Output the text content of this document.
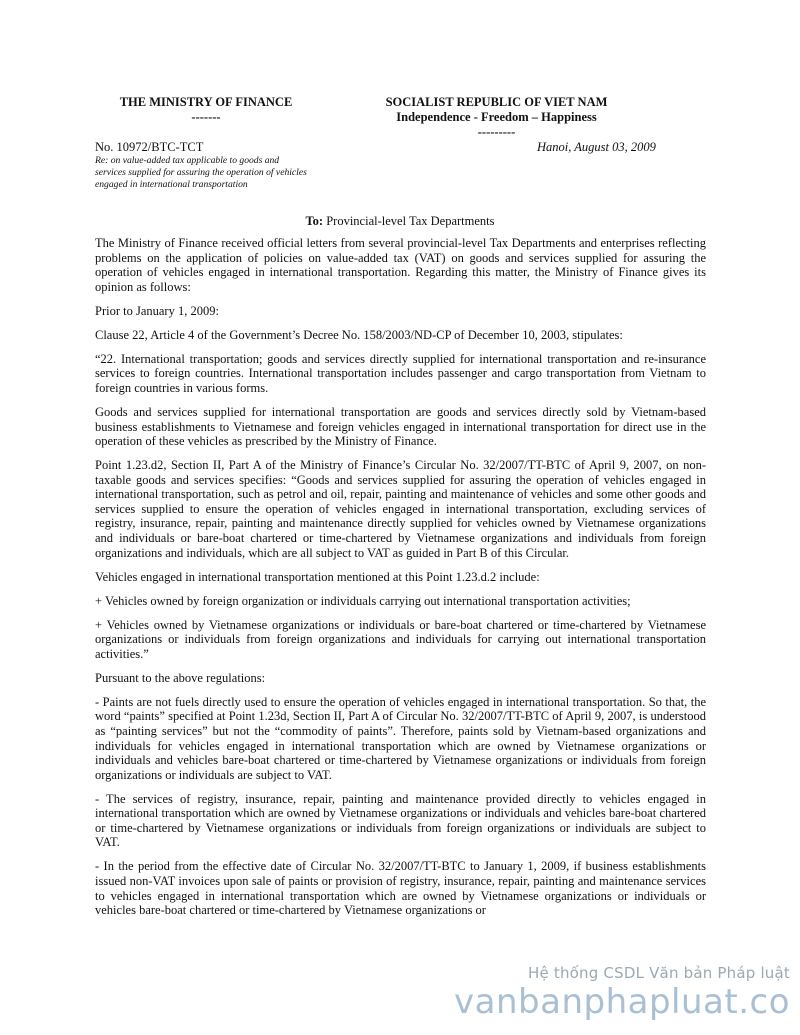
THE MINISTRY OF FINANCE
-------
SOCIALIST REPUBLIC OF VIET NAM
Independence - Freedom – Happiness
---------
No. 10972/BTC-TCT
Re: on value-added tax applicable to goods and services supplied for assuring the operation of vehicles engaged in international transportation
Hanoi, August 03, 2009
To: Provincial-level Tax Departments

The Ministry of Finance received official letters from several provincial-level Tax Departments and enterprises reflecting problems on the application of policies on value-added tax (VAT) on goods and services supplied for assuring the operation of vehicles engaged in international transportation. Regarding this matter, the Ministry of Finance gives its opinion as follows:

Prior to January 1, 2009:

Clause 22, Article 4 of the Government’s Decree No. 158/2003/ND-CP of December 10, 2003, stipulates:

“22. International transportation; goods and services directly supplied for international transportation and re-insurance services to foreign countries. International transportation includes passenger and cargo transportation from Vietnam to foreign countries in various forms.

Goods and services supplied for international transportation are goods and services directly sold by Vietnam-based business establishments to Vietnamese and foreign vehicles engaged in international transportation for direct use in the operation of these vehicles as prescribed by the Ministry of Finance.

Point 1.23.d2, Section II, Part A of the Ministry of Finance’s Circular No. 32/2007/TT-BTC of April 9, 2007, on non-taxable goods and services specifies: “Goods and services supplied for assuring the operation of vehicles engaged in international transportation, such as petrol and oil, repair, painting and maintenance of vehicles and some other goods and services supplied to ensure the operation of vehicles engaged in international transportation, excluding services of registry, insurance, repair, painting and maintenance directly supplied for vehicles owned by Vietnamese organizations and individuals or bare-boat chartered or time-chartered by Vietnamese organizations and individuals from foreign organizations and individuals, which are all subject to VAT as guided in Part B of this Circular.

Vehicles engaged in international transportation mentioned at this Point 1.23.d.2 include:

+ Vehicles owned by foreign organization or individuals carrying out international transportation activities;

+ Vehicles owned by Vietnamese organizations or individuals or bare-boat chartered or time-chartered by Vietnamese organizations or individuals from foreign organizations and individuals for carrying out international transportation activities.”

Pursuant to the above regulations:

- Paints are not fuels directly used to ensure the operation of vehicles engaged in international transportation. So that, the word “paints” specified at Point 1.23d, Section II, Part A of Circular No. 32/2007/TT-BTC of April 9, 2007, is understood as “painting services” but not the “commodity of paints”. Therefore, paints sold by Vietnam-based organizations and individuals for vehicles engaged in international transportation which are owned by Vietnamese organizations or individuals and vehicles bare-boat chartered or time-chartered by Vietnamese organizations or individuals from foreign organizations or individuals are subject to VAT.

- The services of registry, insurance, repair, painting and maintenance provided directly to vehicles engaged in international transportation which are owned by Vietnamese organizations or individuals and vehicles bare-boat chartered or time-chartered by Vietnamese organizations or individuals from foreign organizations or individuals are subject to VAT.

- In the period from the effective date of Circular No. 32/2007/TT-BTC to January 1, 2009, if business establishments issued non-VAT invoices upon sale of paints or provision of registry, insurance, repair, painting and maintenance services to vehicles engaged in international transportation which are owned by Vietnamese organizations or individuals or vehicles bare-boat chartered or time-chartered by Vietnamese organizations or

Hệ thống CSDL Văn bản Pháp luật
vanbanphapluat.co
